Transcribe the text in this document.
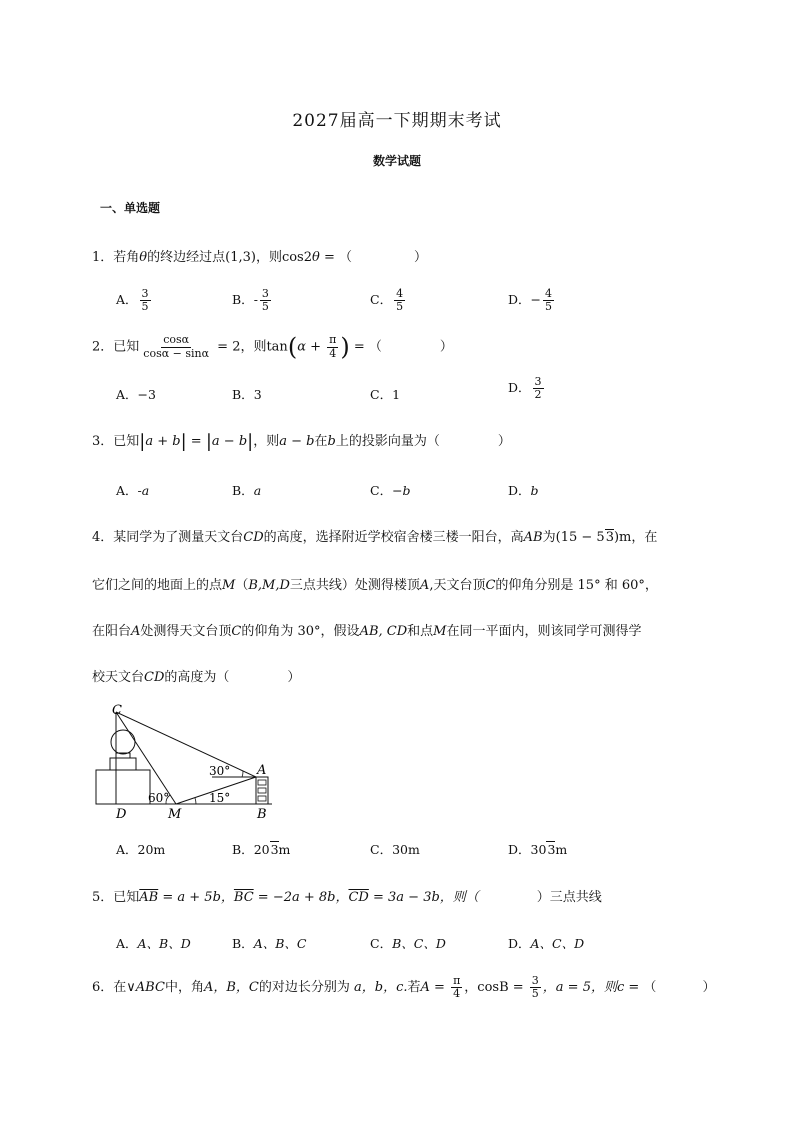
2027届高一下期期末考试
数学试题
一、单选题
1．若角θ的终边经过点(1,3)，则cos2θ = （	）
A． $\frac{3}{5}$	B．- $\frac{3}{5}$	C． $\frac{4}{5}$	D．− $\frac{4}{5}$
2．已知 $\frac{\cos\alpha}{\cos\alpha - \sin\alpha} = 2$，则$\tan(\alpha + \frac{\pi}{4}$ ) = （	）
A．−3	B．3	C．1	D． $\frac{3}{2}$
3．已知|a + b| = |a − b|，则a − b在b上的投影向量为（	）
A．-a	B．a	C．−b	D．b
4．某同学为了测量天文台CD的高度，选择附近学校宿舍楼三楼一阳台，高AB为(15 − 53)m，在
它们之间的地面上的点M（B,M,D三点共线）处测得楼顶A,天文台顶C的仰角分别是 15° 和 60°，
在阳台A处测得天文台顶C的仰角为 30°，假设AB, CD和点M在同一平面内，则该同学可测得学
校天文台CD的高度为（	）
C
A
D	M	B
30°
60°	15°
A．20m	B．203m	C．30m	D．303m
5．已知$\overline{AB} = a + 5b$，$\overline{BC} = -2a + 8b$，$\overline{CD} = 3a - 3b$，则（	）三点共线
A．A、B、D	B．A、B、C	C．B、C、D	D．A、C、D
6．在∨ABC中，角A，B，C的对边长分别为 a，b，c.若$A = \frac{\pi}{4}$ ，$\cos B = \frac{3}{5}$ ，a = 5，则c = （	）
